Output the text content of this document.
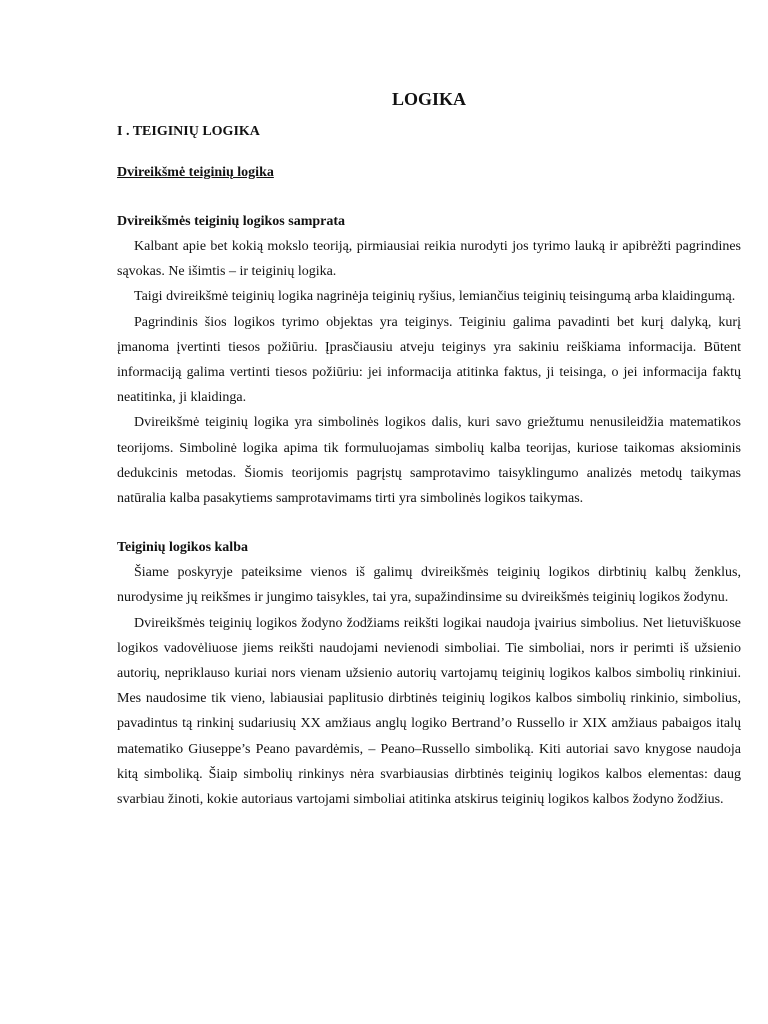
LOGIKA
I . TEIGINIŲ LOGIKA
Dvireikšmė teiginių logika
Dvireikšmės teiginių logikos samprata

Kalbant apie bet kokią mokslo teoriją, pirmiausiai reikia nurodyti jos tyrimo lauką ir apibrėžti pagrindines sąvokas. Ne išimtis – ir teiginių logika.

Taigi dvireikšmė teiginių logika nagrinėja teiginių ryšius, lemiančius teiginių teisingumą arba klaidingumą.

Pagrindinis šios logikos tyrimo objektas yra teiginys. Teiginiu galima pavadinti bet kurį dalyką, kurį įmanoma įvertinti tiesos požiūriu. Įprasčiausiu atveju teiginys yra sakiniu reiškiama informacija. Būtent informaciją galima vertinti tiesos požiūriu: jei informacija atitinka faktus, ji teisinga, o jei informacija faktų neatitinka, ji klaidinga.

Dvireikšmė teiginių logika yra simbolinės logikos dalis, kuri savo griežtumu nenusileidžia matematikos teorijoms. Simbolinė logika apima tik formuluojamas simbolių kalba teorijas, kuriose taikomas aksiominis dedukcinis metodas. Šiomis teorijomis pagrįstų samprotavimo taisyklingumo analizės metodų taikymas natūralia kalba pasakytiems samprotavimams tirti yra simbolinės logikos taikymas.

Teiginių logikos kalba

Šiame poskyryje pateiksime vienos iš galimų dvireikšmės teiginių logikos dirbtinių kalbų ženklus, nurodysime jų reikšmes ir jungimo taisykles, tai yra, supažindinsime su dvireikšmės teiginių logikos žodynu.

Dvireikšmės teiginių logikos žodyno žodžiams reikšti logikai naudoja įvairius simbolius. Net lietuviškuose logikos vadovėliuose jiems reikšti naudojami nevienodi simboliai. Tie simboliai, nors ir perimti iš užsienio autorių, nepriklauso kuriai nors vienam užsienio autorių vartojamų teiginių logikos kalbos simbolių rinkiniui. Mes naudosime tik vieno, labiausiai paplitusio dirbtinės teiginių logikos kalbos simbolių rinkinio, simbolius, pavadintus tą rinkinį sudariusių XX amžiaus anglų logiko Bertrand’o Russello ir XIX amžiaus pabaigos italų matematiko Giuseppe’s Peano pavardėmis, – Peano–Russello simboliką. Kiti autoriai savo knygose naudoja kitą simboliką. Šiaip simbolių rinkinys nėra svarbiausias dirbtinės teiginių logikos kalbos elementas: daug svarbiau žinoti, kokie autoriaus vartojami simboliai atitinka atskirus teiginių logikos kalbos žodyno žodžius.
